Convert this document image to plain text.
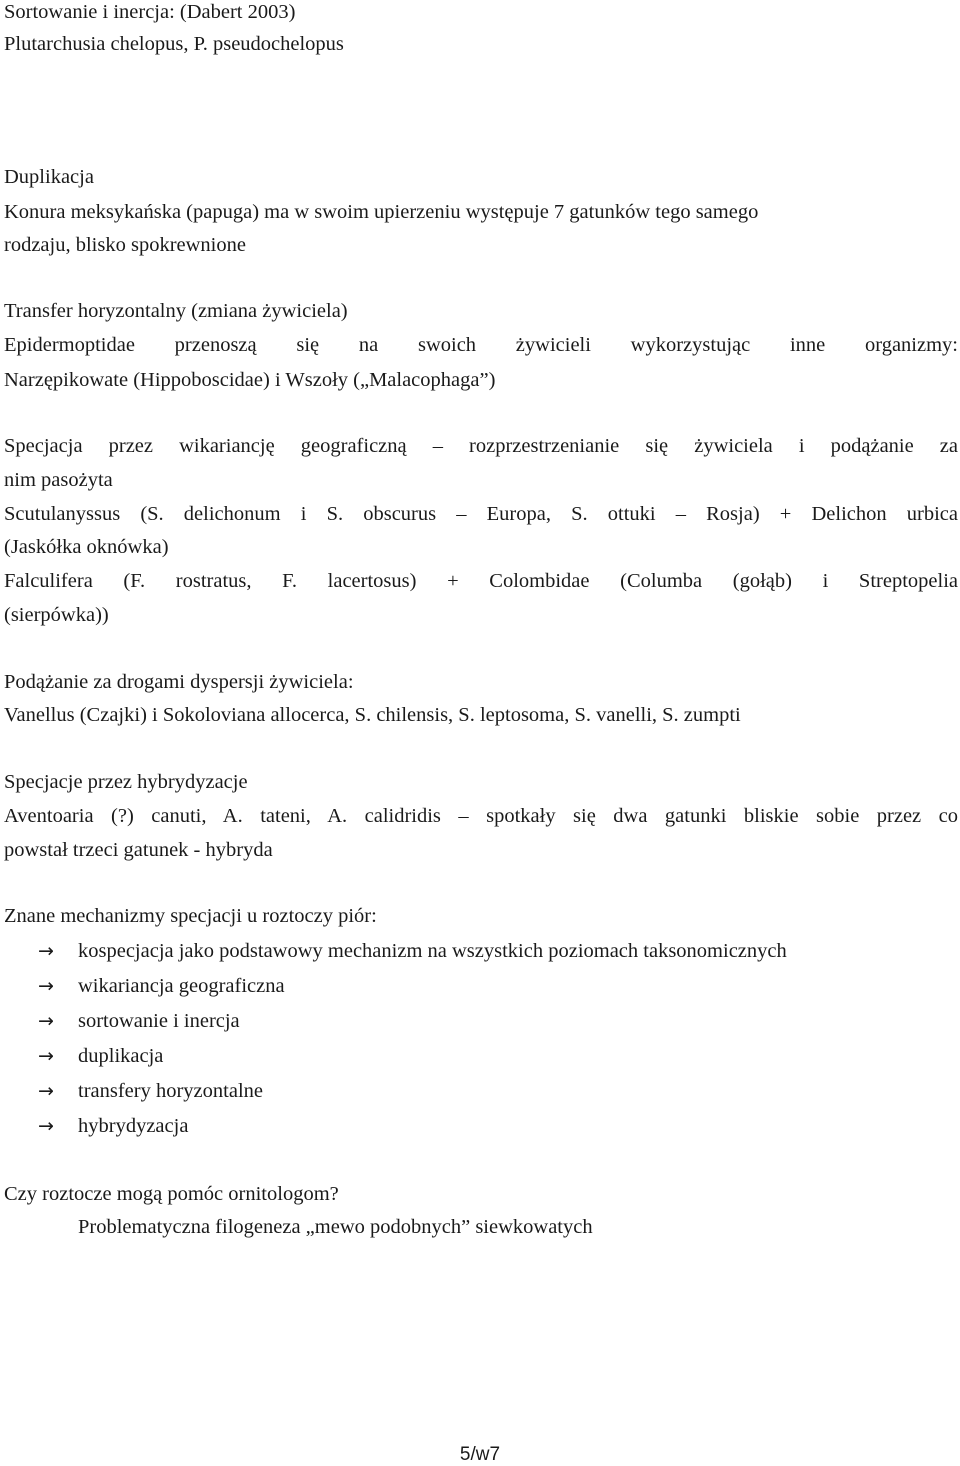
Sortowanie i inercja: (Dabert 2003)
Plutarchusia chelopus, P. pseudochelopus
Duplikacja
Konura meksykańska (papuga) ma w swoim upierzeniu występuje 7 gatunków tego samego
rodzaju, blisko spokrewnione
Transfer horyzontalny (zmiana żywiciela)
Epidermoptidae przenoszą się na swoich żywicieli wykorzystując inne organizmy:
Narzępikowate (Hippoboscidae) i Wszoły („Malacophaga”)
Specjacja przez wikariancję geograficzną – rozprzestrzenianie się żywiciela i podążanie za
nim pasożyta
Scutulanyssus (S. delichonum i S. obscurus – Europa, S. ottuki – Rosja) + Delichon urbica
(Jaskółka oknówka)
Falculifera (F. rostratus, F. lacertosus) + Colombidae (Columba (gołąb) i Streptopelia
(sierpówka))
Podążanie za drogami dyspersji żywiciela:
Vanellus (Czajki) i Sokoloviana allocerca, S. chilensis, S. leptosoma, S. vanelli, S. zumpti
Specjacje przez hybrydyzacje
Aventoaria (?) canuti, A. tateni, A. calidridis – spotkały się dwa gatunki bliskie sobie przez co
powstał trzeci gatunek - hybryda
Znane mechanizmy specjacji u roztoczy piór:
→ kospecjacja jako podstawowy mechanizm na wszystkich poziomach taksonomicznych
→ wikariancja geograficzna
→ sortowanie i inercja
→ duplikacja
→ transfery horyzontalne
→ hybrydyzacja
Czy roztocze mogą pomóc ornitologom?
Problematyczna filogeneza „mewo podobnych” siewkowatych
5/w7
